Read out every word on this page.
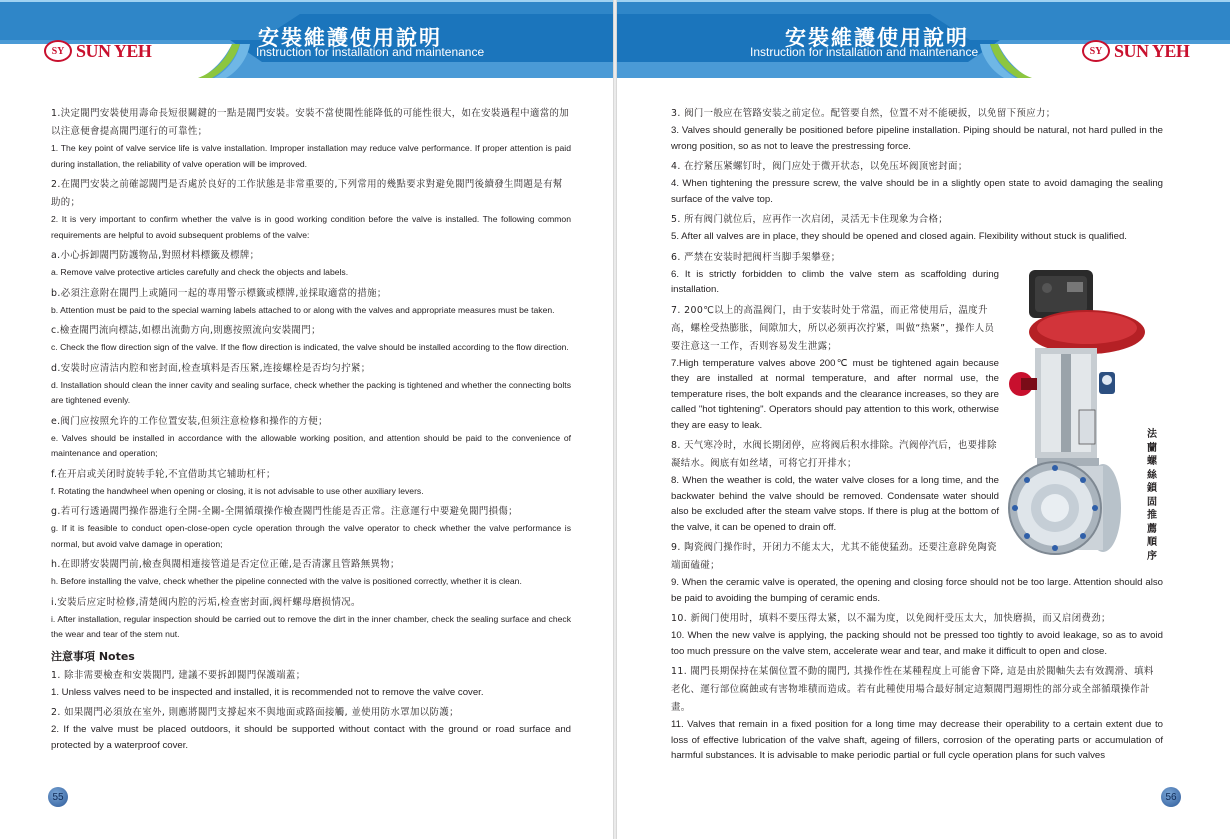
SY SUN YEH
安裝維護使用說明
Instruction for installation and maintenance
1.決定閥門安裝使用壽命長短很關鍵的一點是閥門安裝。安裝不當使閥性能降低的可能性很大，如在安裝過程中適當的加以注意便會提高閥門運行的可靠性；
1. The key point of valve service life is valve installation. Improper installation may reduce valve performance. If proper attention is paid during installation, the reliability of valve operation will be improved.
2.在閥門安裝之前確認閥門是否處於良好的工作狀態是非常重要的,下列常用的幾點要求對避免閥門後續發生問題是有幫助的；
2. It is very important to confirm whether the valve is in good working condition before the valve is installed. The following common requirements are helpful to avoid subsequent problems of the valve:
a.小心拆卸閥門防護物品,對照材料標籤及標牌；
a. Remove valve protective articles carefully and check the objects and labels.
b.必須注意附在閥門上或隨同一起的專用警示標籤或標牌,並採取適當的措施；
b. Attention must be paid to the special warning labels attached to or along with the valves and appropriate measures must be taken.
c.檢查閥門流向標誌,如標出流動方向,則應按照流向安裝閥門；
c. Check the flow direction sign of the valve. If the flow direction is indicated, the valve should be installed according to the flow direction.
d.安裝时应清洁内腔和密封面,检查填料是否压紧,连接螺栓是否均匀拧紧；
d. Installation should clean the inner cavity and sealing surface, check whether the packing is tightened and whether the connecting bolts are tightened evenly.
e.阀门应按照允许的工作位置安装,但须注意检修和操作的方便；
e. Valves should be installed in accordance with the allowable working position, and attention should be paid to the convenience of maintenance and operation;
f.在开启或关闭时旋转手轮,不宜借助其它辅助杠杆；
f. Rotating the handwheel when opening or closing, it is not advisable to use other auxiliary levers.
g.若可行透過閥門操作器進行全開-全關-全開循環操作檢查閥門性能是否正常。注意運行中要避免閥門損傷；
g. If it is feasible to conduct open-close-open cycle operation through the valve operator to check whether the valve performance is normal, but avoid valve damage in operation;
h.在即將安裝閥門前,檢查與閥相連接管道是否定位正確,是否清潔且管路無異物；
h. Before installing the valve, check whether the pipeline connected with the valve is positioned correctly, whether it is clean.
i.安裝后应定时检修,清楚阀内腔的污垢,检查密封面,阀杆螺母磨损情况。
i. After installation, regular inspection should be carried out to remove the dirt in the inner chamber, check the sealing surface and check the wear and tear of the stem nut.
注意事項 Notes
1. 除非需要檢查和安裝閥門, 建議不要拆卸閥門保護端蓋；
1. Unless valves need to be inspected and installed, it is recommended not to remove the valve cover.
2. 如果閥門必須放在室外, 則應將閥門支撐起來不與地面或路面接觸, 並使用防水罩加以防護；
2. If the valve must be placed outdoors, it should be supported without contact with the ground or road surface and protected by a waterproof cover.
55
安裝維護使用說明
Instruction for installation and maintenance	SY SUN YEH
3. 阀门一般应在管路安装之前定位。配管要自然，位置不对不能硬扳，以免留下预应力；
3. Valves should generally be positioned before pipeline installation. Piping should be natural, not hard pulled in the wrong position, so as not to leave the prestressing force.
4. 在拧紧压紧螺钉时，阀门应处于微开状态，以免压坏阀顶密封面；
4. When tightening the pressure screw, the valve should be in a slightly open state to avoid damaging the sealing surface of the valve top.
5. 所有阀门就位后，应再作一次启闭，灵活无卡住现象为合格；
5. After all valves are in place, they should be opened and closed again. Flexibility without stuck is qualified.
6. 严禁在安装时把阀杆当脚手架攀登；
6. It is strictly forbidden to climb the valve stem as scaffolding during installation.
7. 200℃以上的高温阀门，由于安装时处于常温，而正常使用后，温度升高，螺栓受热膨胀，间隙加大，所以必须再次拧紧，叫做“热紧”，操作人员要注意这一工作，否则容易发生泄露；
7.High temperature valves above 200℃ must be tightened again because they are installed at normal temperature, and after normal use, the temperature rises, the bolt expands and the clearance increases, so they are called "hot tightening". Operators should pay attention to this work, otherwise they are easy to leak.
8. 天气寒冷时，水阀长期闭停，应将阀后积水排除。汽阀停汽后，也要排除凝结水。阀底有如丝堵，可将它打开排水；
8. When the weather is cold, the water valve closes for a long time, and the backwater behind the valve should be removed. Condensate water should also be excluded after the steam valve stops. If there is plug at the bottom of the valve, it can be opened to drain off.
9. 陶瓷阀门操作时，开闭力不能太大，尤其不能使猛劲。还要注意辟免陶瓷端面磕碰；
9. When the ceramic valve is operated, the opening and closing force should not be too large. Attention should also be paid to avoiding the bumping of ceramic ends.
10. 新阀门使用时，填料不要压得太紧，以不漏为度，以免阀杆受压太大，加快磨损，而又启闭费劲；
10. When the new valve is applying, the packing should not be pressed too tightly to avoid leakage, so as to avoid too much pressure on the valve stem, accelerate wear and tear, and make it difficult to open and close.
11. 閥門長期保持在某個位置不動的閥門, 其操作性在某種程度上可能會下降, 這是由於閥軸失去有效潤滑、填料老化、運行部位腐蝕或有害物堆積而造成。若有此種使用場合最好制定這類閥門週期性的部分或全部循環操作計畫。
11. Valves that remain in a fixed position for a long time may decrease their operability to a certain extent due to loss of effective lubrication of the valve shaft, ageing of fillers, corrosion of the operating parts or accumulation of harmful substances. It is advisable to make periodic partial or full cycle operation plans for such valves
法蘭螺絲鎖固推薦順序
56
